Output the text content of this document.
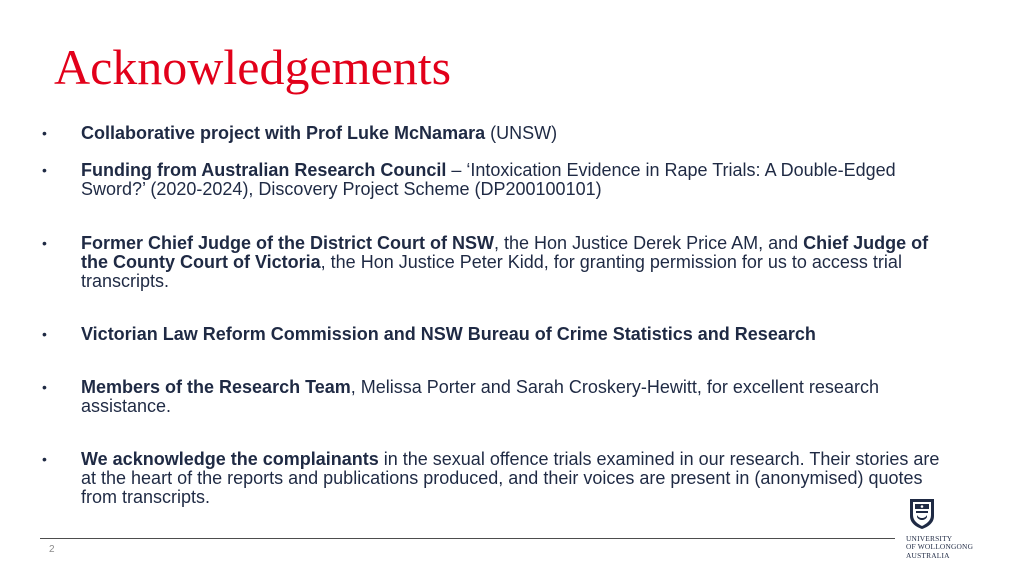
Acknowledgements
• Collaborative project with Prof Luke McNamara (UNSW)
• Funding from Australian Research Council – ‘Intoxication Evidence in Rape Trials: A Double-Edged Sword?’ (2020-2024), Discovery Project Scheme (DP200100101)
• Former Chief Judge of the District Court of NSW, the Hon Justice Derek Price AM, and Chief Judge of the County Court of Victoria, the Hon Justice Peter Kidd, for granting permission for us to access trial transcripts.
• Victorian Law Reform Commission and NSW Bureau of Crime Statistics and Research
• Members of the Research Team, Melissa Porter and Sarah Croskery-Hewitt, for excellent research assistance.
• We acknowledge the complainants in the sexual offence trials examined in our research. Their stories are at the heart of the reports and publications produced, and their voices are present in (anonymised) quotes from transcripts.
2
UNIVERSITY
OF WOLLONGONG
AUSTRALIA
